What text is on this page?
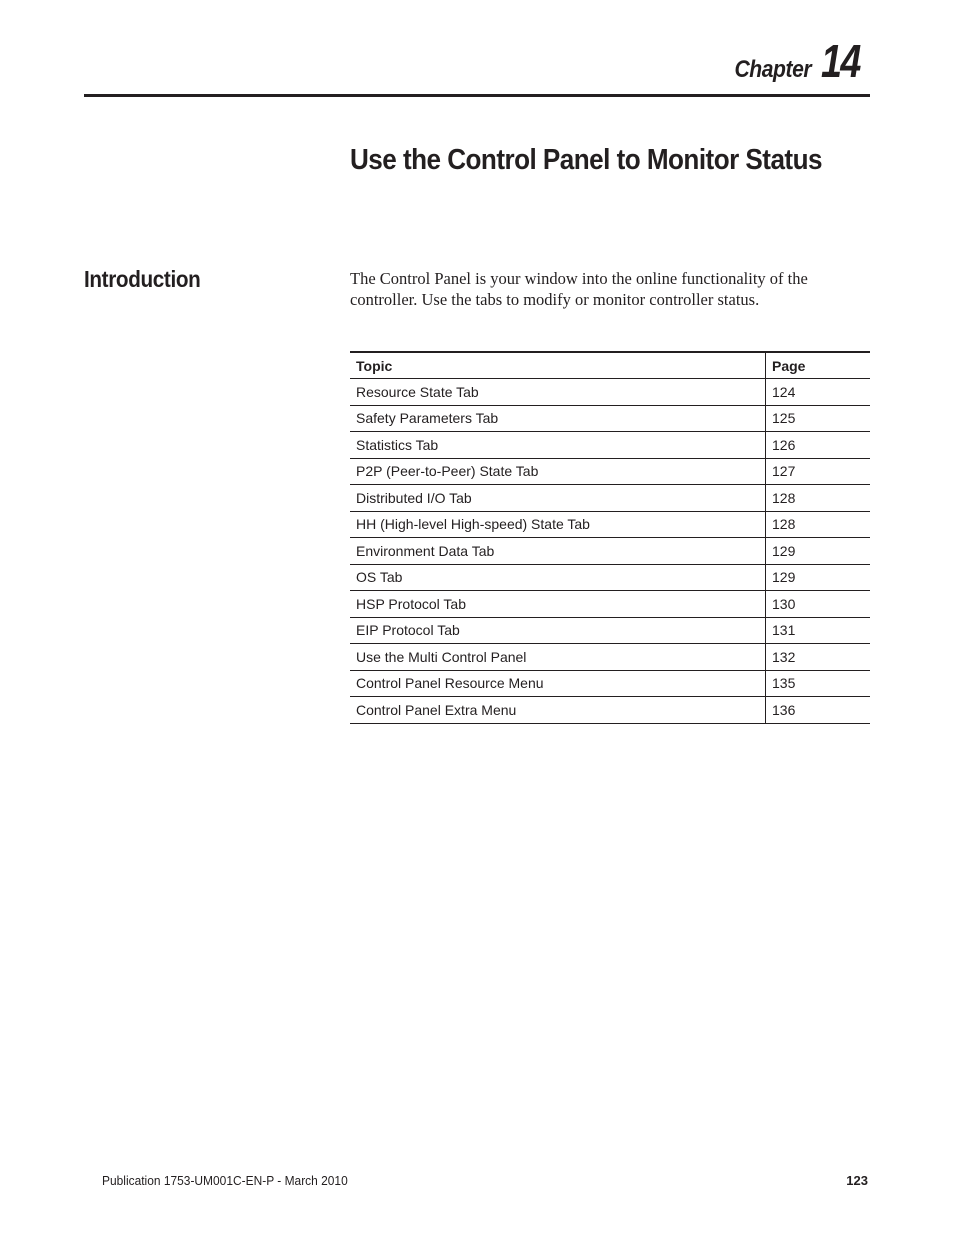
Chapter 14
Use the Control Panel to Monitor Status
Introduction	The Control Panel is your window into the online functionality of the controller. Use the tabs to modify or monitor controller status.

Topic	Page
Resource State Tab	124
Safety Parameters Tab	125
Statistics Tab	126
P2P (Peer-to-Peer) State Tab	127
Distributed I/O Tab	128
HH (High-level High-speed) State Tab	128
Environment Data Tab	129
OS Tab	129
HSP Protocol Tab	130
EIP Protocol Tab	131
Use the Multi Control Panel	132
Control Panel Resource Menu	135
Control Panel Extra Menu	136
Publication 1753-UM001C-EN-P - March 2010	123
